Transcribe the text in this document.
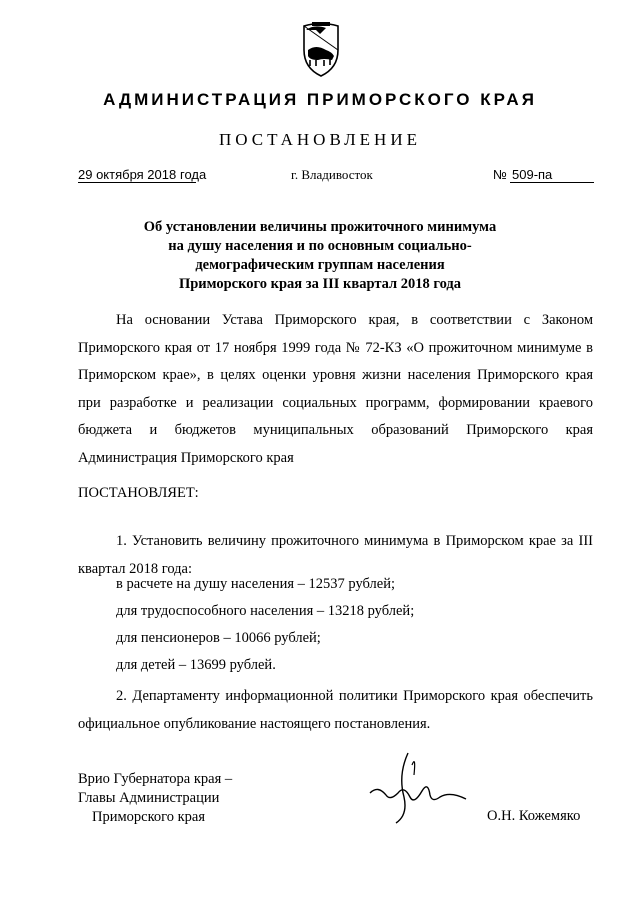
АДМИНИСТРАЦИЯ ПРИМОРСКОГО КРАЯ
ПОСТАНОВЛЕНИЕ
29 октября 2018 года	г. Владивосток	№ 509-па
Об установлении величины прожиточного минимума
на душу населения и по основным социально-
демографическим группам населения
Приморского края за III квартал 2018 года
На основании Устава Приморского края, в соответствии с Законом Приморского края от 17 ноября 1999 года № 72-КЗ «О прожиточном минимуме в Приморском крае», в целях оценки уровня жизни населения Приморского края при разработке и реализации социальных программ, формировании краевого бюджета и бюджетов муниципальных образований Приморского края Администрация Приморского края
ПОСТАНОВЛЯЕТ:
1. Установить величину прожиточного минимума в Приморском крае за III квартал 2018 года:
в расчете на душу населения – 12537 рублей;
для трудоспособного населения – 13218 рублей;
для пенсионеров – 10066 рублей;
для детей – 13699 рублей.
2. Департаменту информационной политики Приморского края обеспечить официальное опубликование настоящего постановления.
Врио Губернатора края –
Главы Администрации
Приморского края	О.Н. Кожемяко
